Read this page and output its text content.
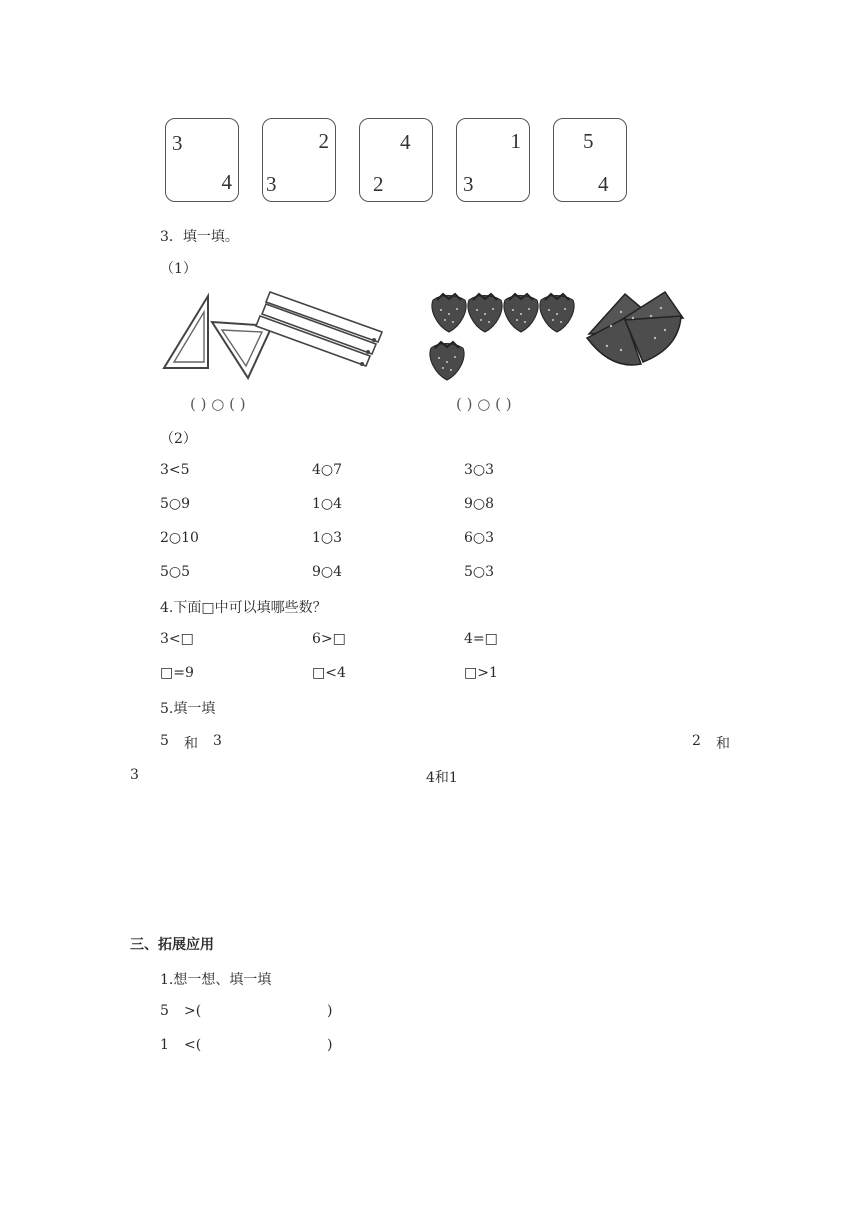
3
4
2
3
4
2
1
3
5
4
3．填一填。
（1）
( ) ○ ( )	( ) ○ ( )
（2）
3<5	4○7	3○3
5○9	1○4	9○8
2○10	1○3	6○3
5○5	9○4	5○3
4.下面□中可以填哪些数？
3<□	6>□	4=□
□=9	□<4	□>1
5.填一填
5 和 3	2 和
3	4和1
三、拓展应用
1.想一想、填一填
5 >(	)
1 <(	)
